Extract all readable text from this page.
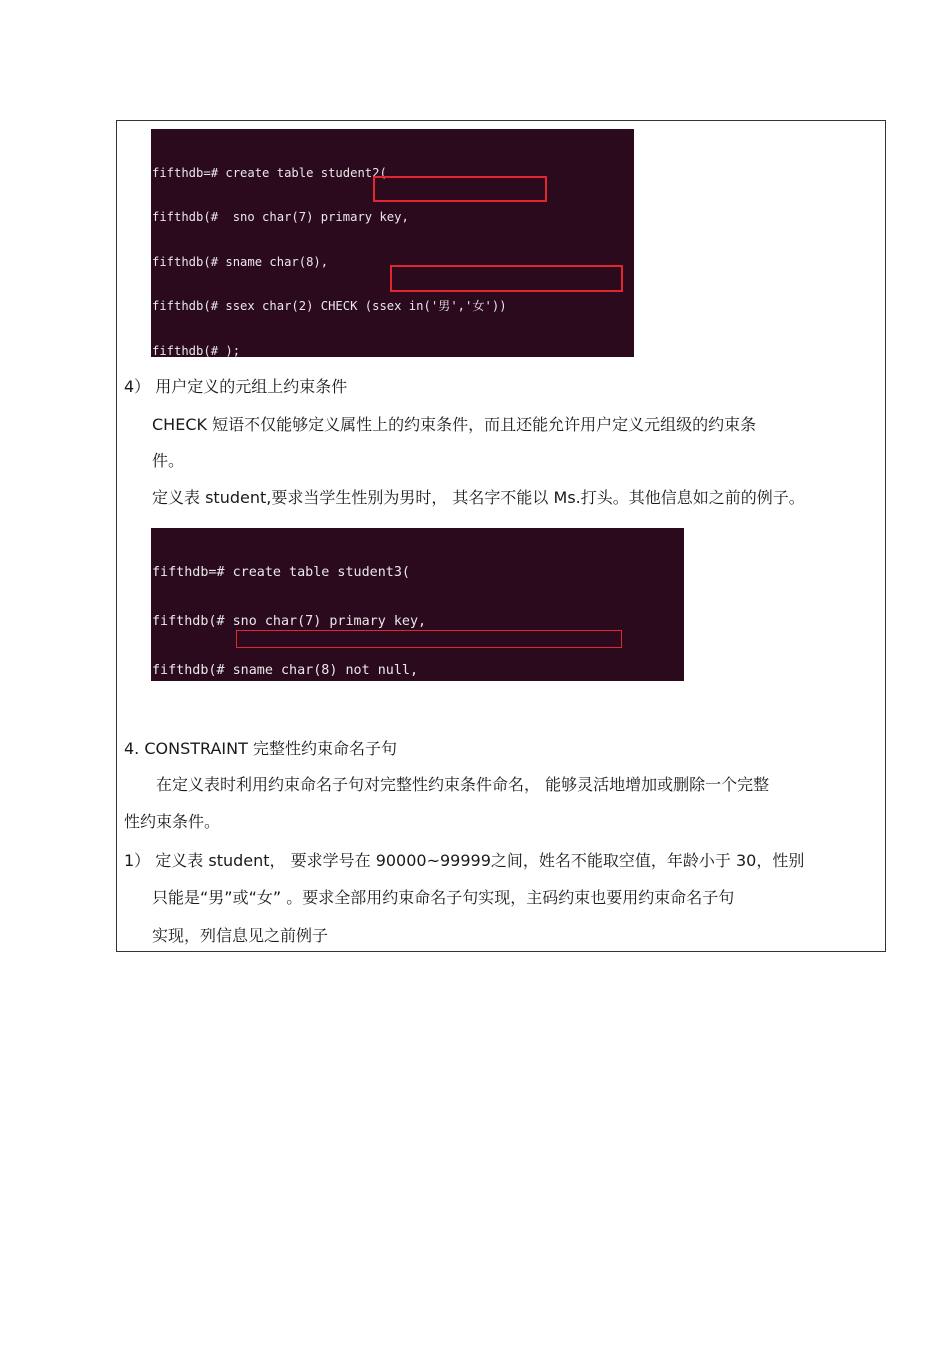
fifthdb=# create table student2(

fifthdb(#  sno char(7) primary key,

fifthdb(# sname char(8),

fifthdb(# ssex char(2) CHECK (ssex in('男','女'))

fifthdb(# );

4） 用户定义的元组上约束条件
CHECK 短语不仅能够定义属性上的约束条件，而且还能允许用户定义元组级的约束条
件。
定义表 student,要求当学生性别为男时， 其名字不能以 Ms.打头。其他信息如之前的例子。

fifthdb=# create table student3(

fifthdb(# sno char(7) primary key,

fifthdb(# sname char(8) not null,

4. CONSTRAINT 完整性约束命名子句
在定义表时利用约束命名子句对完整性约束条件命名， 能够灵活地增加或删除一个完整
性约束条件。
1） 定义表 student， 要求学号在 90000~99999之间，姓名不能取空值，年龄小于 30，性别
只能是“男”或“女” 。要求全部用约束命名子句实现，主码约束也要用约束命名子句
实现，列信息见之前例子
